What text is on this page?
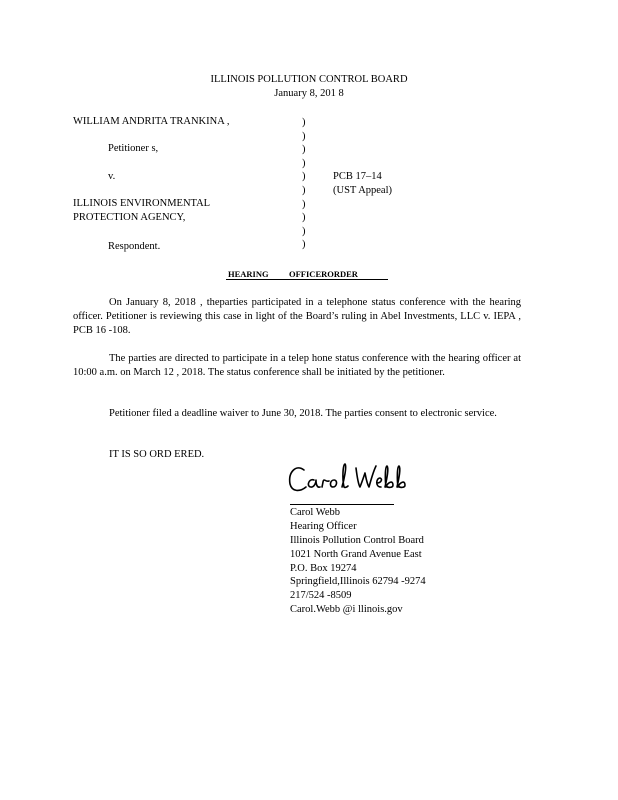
ILLINOIS POLLUTION CONTROL BOARD
January 8, 201 8
WILLIAM ANDRITA TRANKINA ,
Petitioner s,
v.
ILLINOIS ENVIRONMENTAL
PROTECTION AGENCY,
Respondent.
)
)
)
)
)
)
)
)
)
)
PCB 17–14
(UST Appeal)
HEARING OFFICERORDER
On January 8, 2018 , theparties participated in a telephone status conference with the hearing officer. Petitioner is reviewing this case in light of the Board’s ruling in Abel Investments, LLC v. IEPA , PCB 16 -108.
The parties are directed to participate in a telep hone status conference with the hearing officer at 10:00 a.m. on March 12 , 2018. The status conference shall be initiated by the petitioner.
Petitioner filed a deadline waiver to June 30, 2018. The parties consent to electronic service.
IT IS SO ORD ERED.
Carol Webb
Hearing Officer
Illinois Pollution Control Board
1021 North Grand Avenue East
P.O. Box 19274
Springfield,Illinois 62794 -9274
217/524 -8509
Carol.Webb @i llinois.gov
